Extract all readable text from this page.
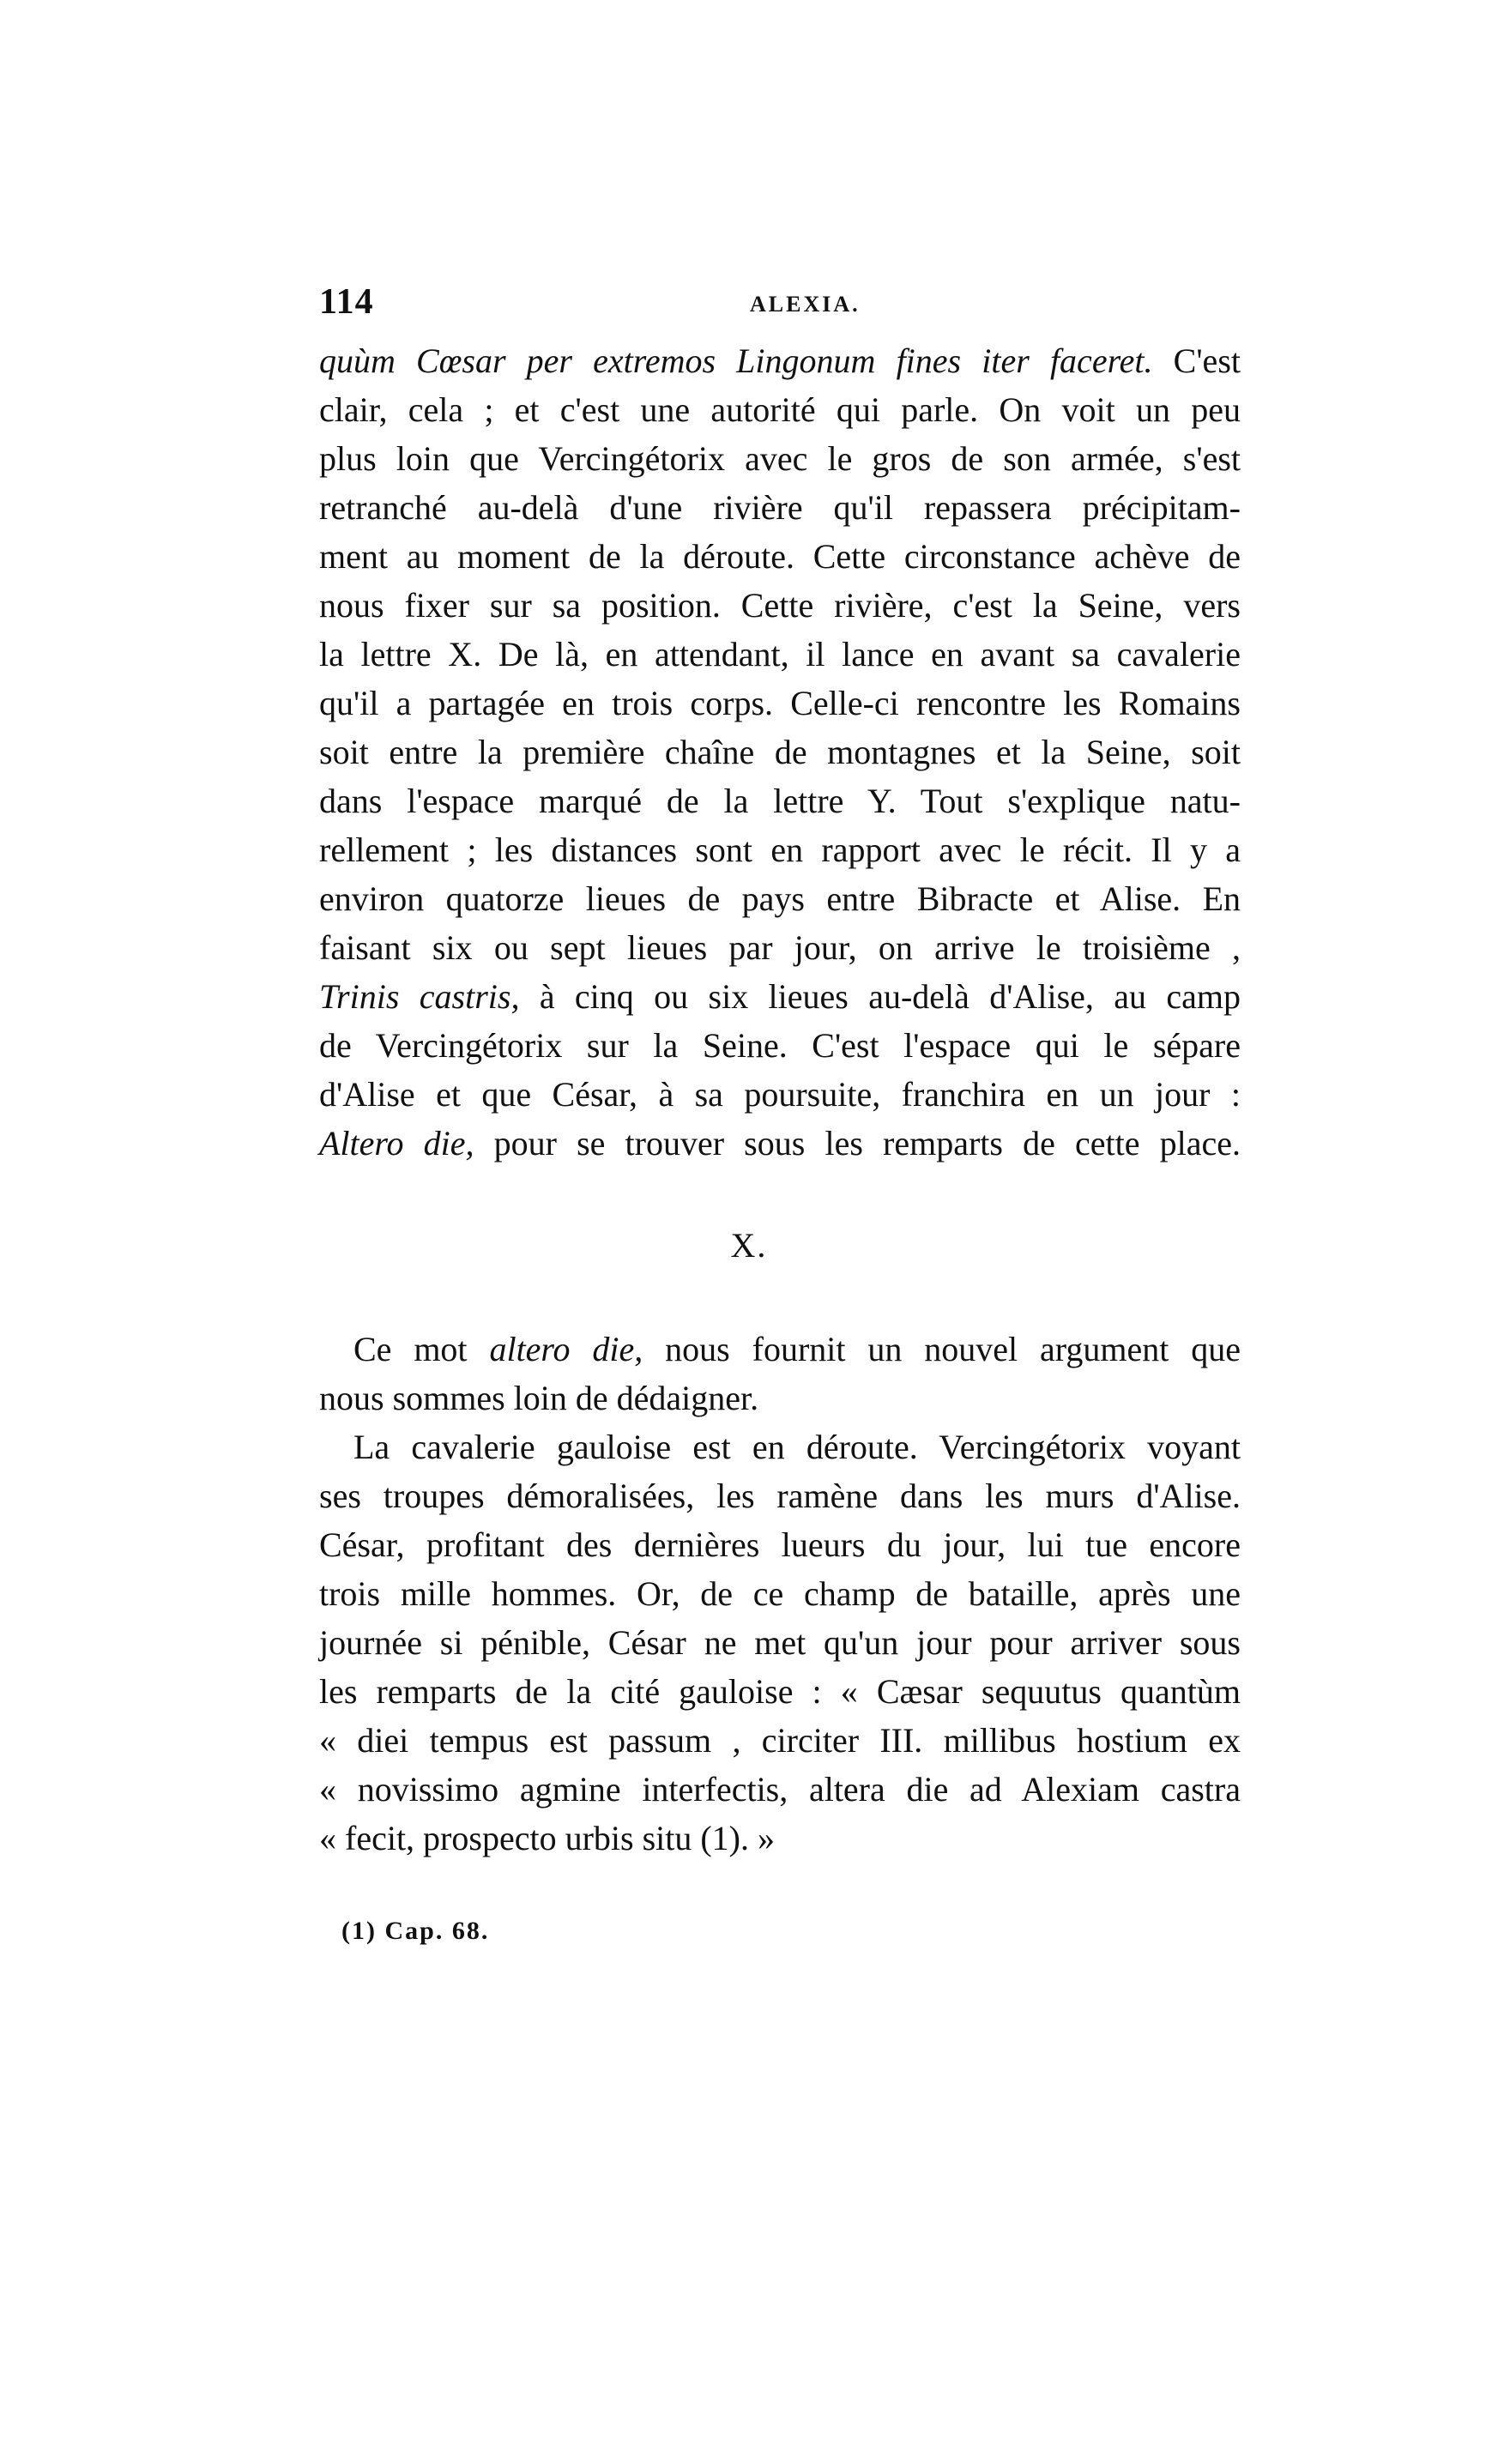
114	ALEXIA.
quùm Cœsar per extremos Lingonum fines iter faceret. C'est
clair, cela ; et c'est une autorité qui parle. On voit un peu
plus loin que Vercingétorix avec le gros de son armée, s'est
retranché au-delà d'une rivière qu'il repassera précipitam-
ment au moment de la déroute. Cette circonstance achève de
nous fixer sur sa position. Cette rivière, c'est la Seine, vers
la lettre X. De là, en attendant, il lance en avant sa cavalerie
qu'il a partagée en trois corps. Celle-ci rencontre les Romains
soit entre la première chaîne de montagnes et la Seine, soit
dans l'espace marqué de la lettre Y. Tout s'explique natu-
rellement ; les distances sont en rapport avec le récit. Il y a
environ quatorze lieues de pays entre Bibracte et Alise. En
faisant six ou sept lieues par jour, on arrive le troisième ,
Trinis castris, à cinq ou six lieues au-delà d'Alise, au camp
de Vercingétorix sur la Seine. C'est l'espace qui le sépare
d'Alise et que César, à sa poursuite, franchira en un jour :
Altero die, pour se trouver sous les remparts de cette place.
X.
Ce mot altero die, nous fournit un nouvel argument que
nous sommes loin de dédaigner.
La cavalerie gauloise est en déroute. Vercingétorix voyant
ses troupes démoralisées, les ramène dans les murs d'Alise.
César, profitant des dernières lueurs du jour, lui tue encore
trois mille hommes. Or, de ce champ de bataille, après une
journée si pénible, César ne met qu'un jour pour arriver sous
les remparts de la cité gauloise : « Cæsar sequutus quantùm
« diei tempus est passum , circiter III. millibus hostium ex
« novissimo agmine interfectis, altera die ad Alexiam castra
« fecit, prospecto urbis situ (1). »
(1) Cap. 68.
